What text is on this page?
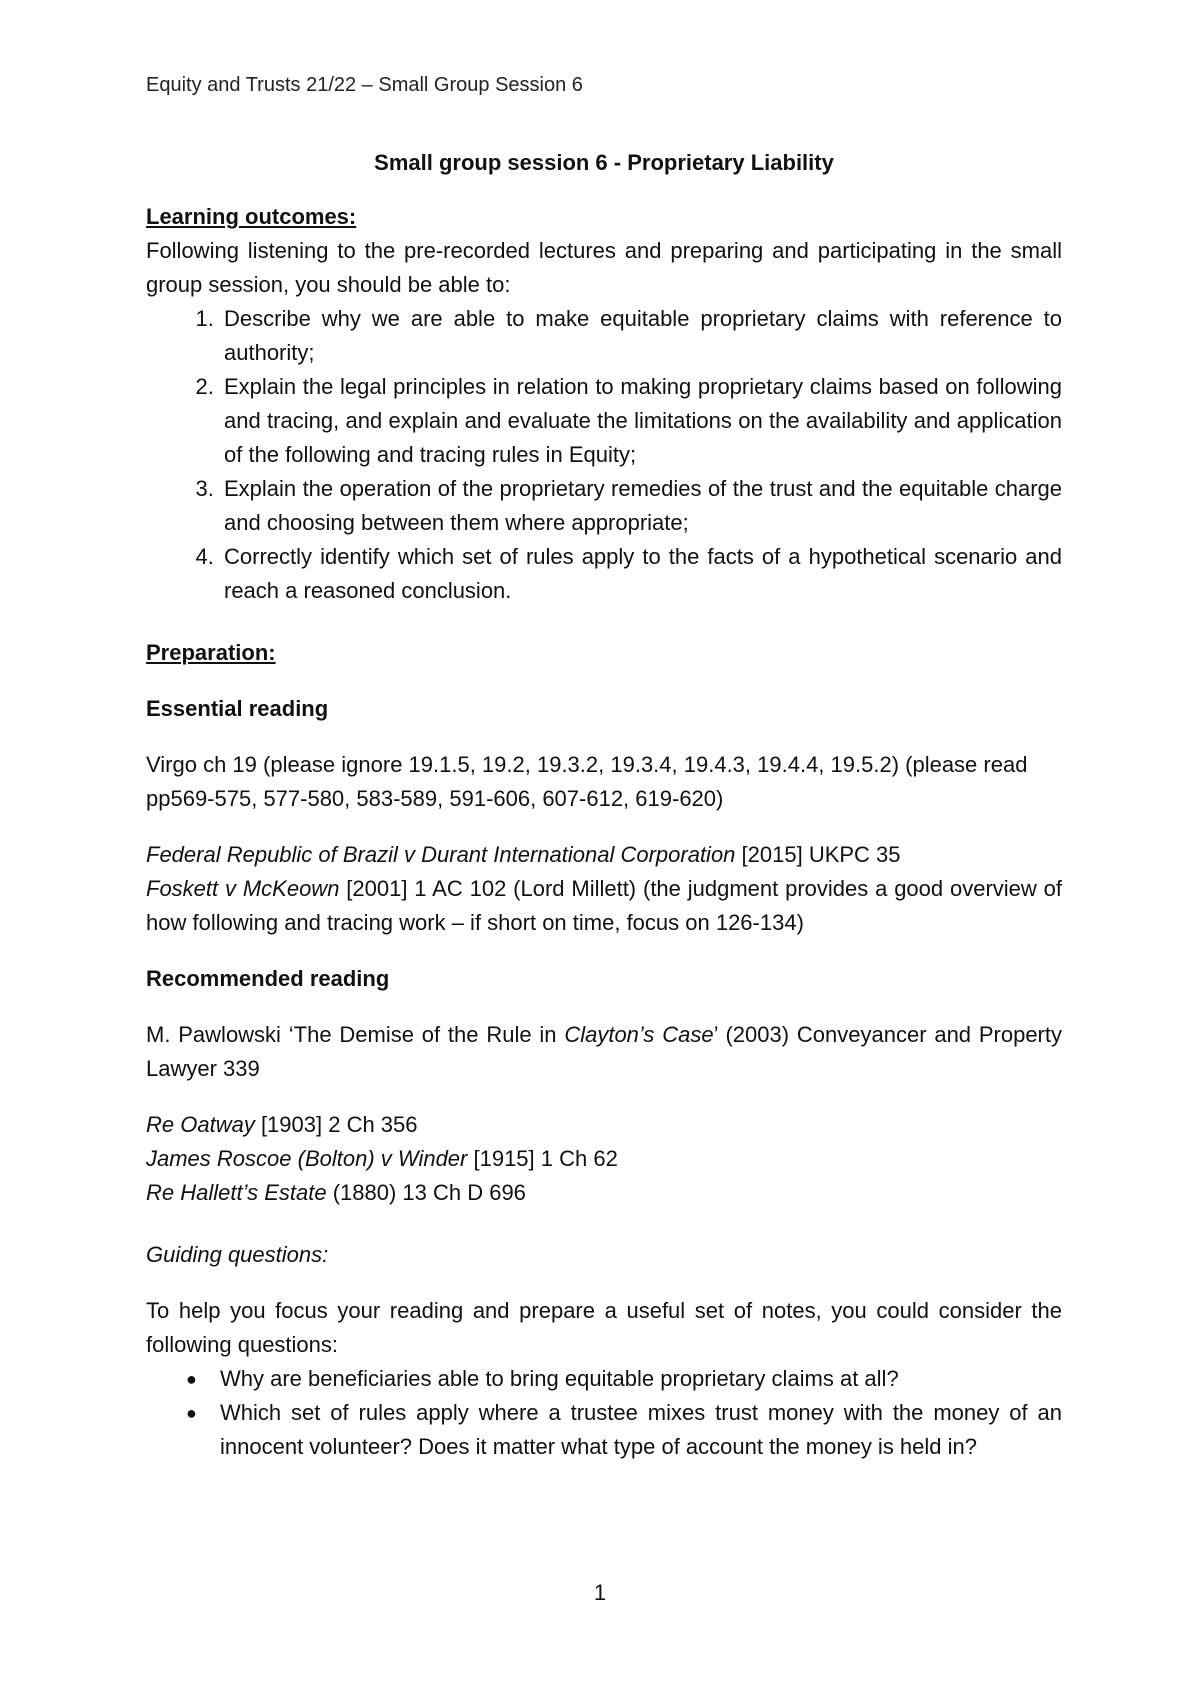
Equity and Trusts 21/22 – Small Group Session 6

Small group session 6 - Proprietary Liability

Learning outcomes:

Following listening to the pre-recorded lectures and preparing and participating in the small group session, you should be able to:

1. Describe why we are able to make equitable proprietary claims with reference to authority;
2. Explain the legal principles in relation to making proprietary claims based on following and tracing, and explain and evaluate the limitations on the availability and application of the following and tracing rules in Equity;
3. Explain the operation of the proprietary remedies of the trust and the equitable charge and choosing between them where appropriate;
4. Correctly identify which set of rules apply to the facts of a hypothetical scenario and reach a reasoned conclusion.

Preparation:

Essential reading

Virgo ch 19 (please ignore 19.1.5, 19.2, 19.3.2, 19.3.4, 19.4.3, 19.4.4, 19.5.2) (please read pp569-575, 577-580, 583-589, 591-606, 607-612, 619-620)

Federal Republic of Brazil v Durant International Corporation [2015] UKPC 35

Foskett v McKeown [2001] 1 AC 102 (Lord Millett) (the judgment provides a good overview of how following and tracing work – if short on time, focus on 126-134)

Recommended reading

M. Pawlowski ‘The Demise of the Rule in Clayton’s Case’ (2003) Conveyancer and Property Lawyer 339

Re Oatway [1903] 2 Ch 356

James Roscoe (Bolton) v Winder [1915] 1 Ch 62

Re Hallett’s Estate (1880) 13 Ch D 696

Guiding questions:

To help you focus your reading and prepare a useful set of notes, you could consider the following questions:

● Why are beneficiaries able to bring equitable proprietary claims at all?
● Which set of rules apply where a trustee mixes trust money with the money of an innocent volunteer? Does it matter what type of account the money is held in?
1
